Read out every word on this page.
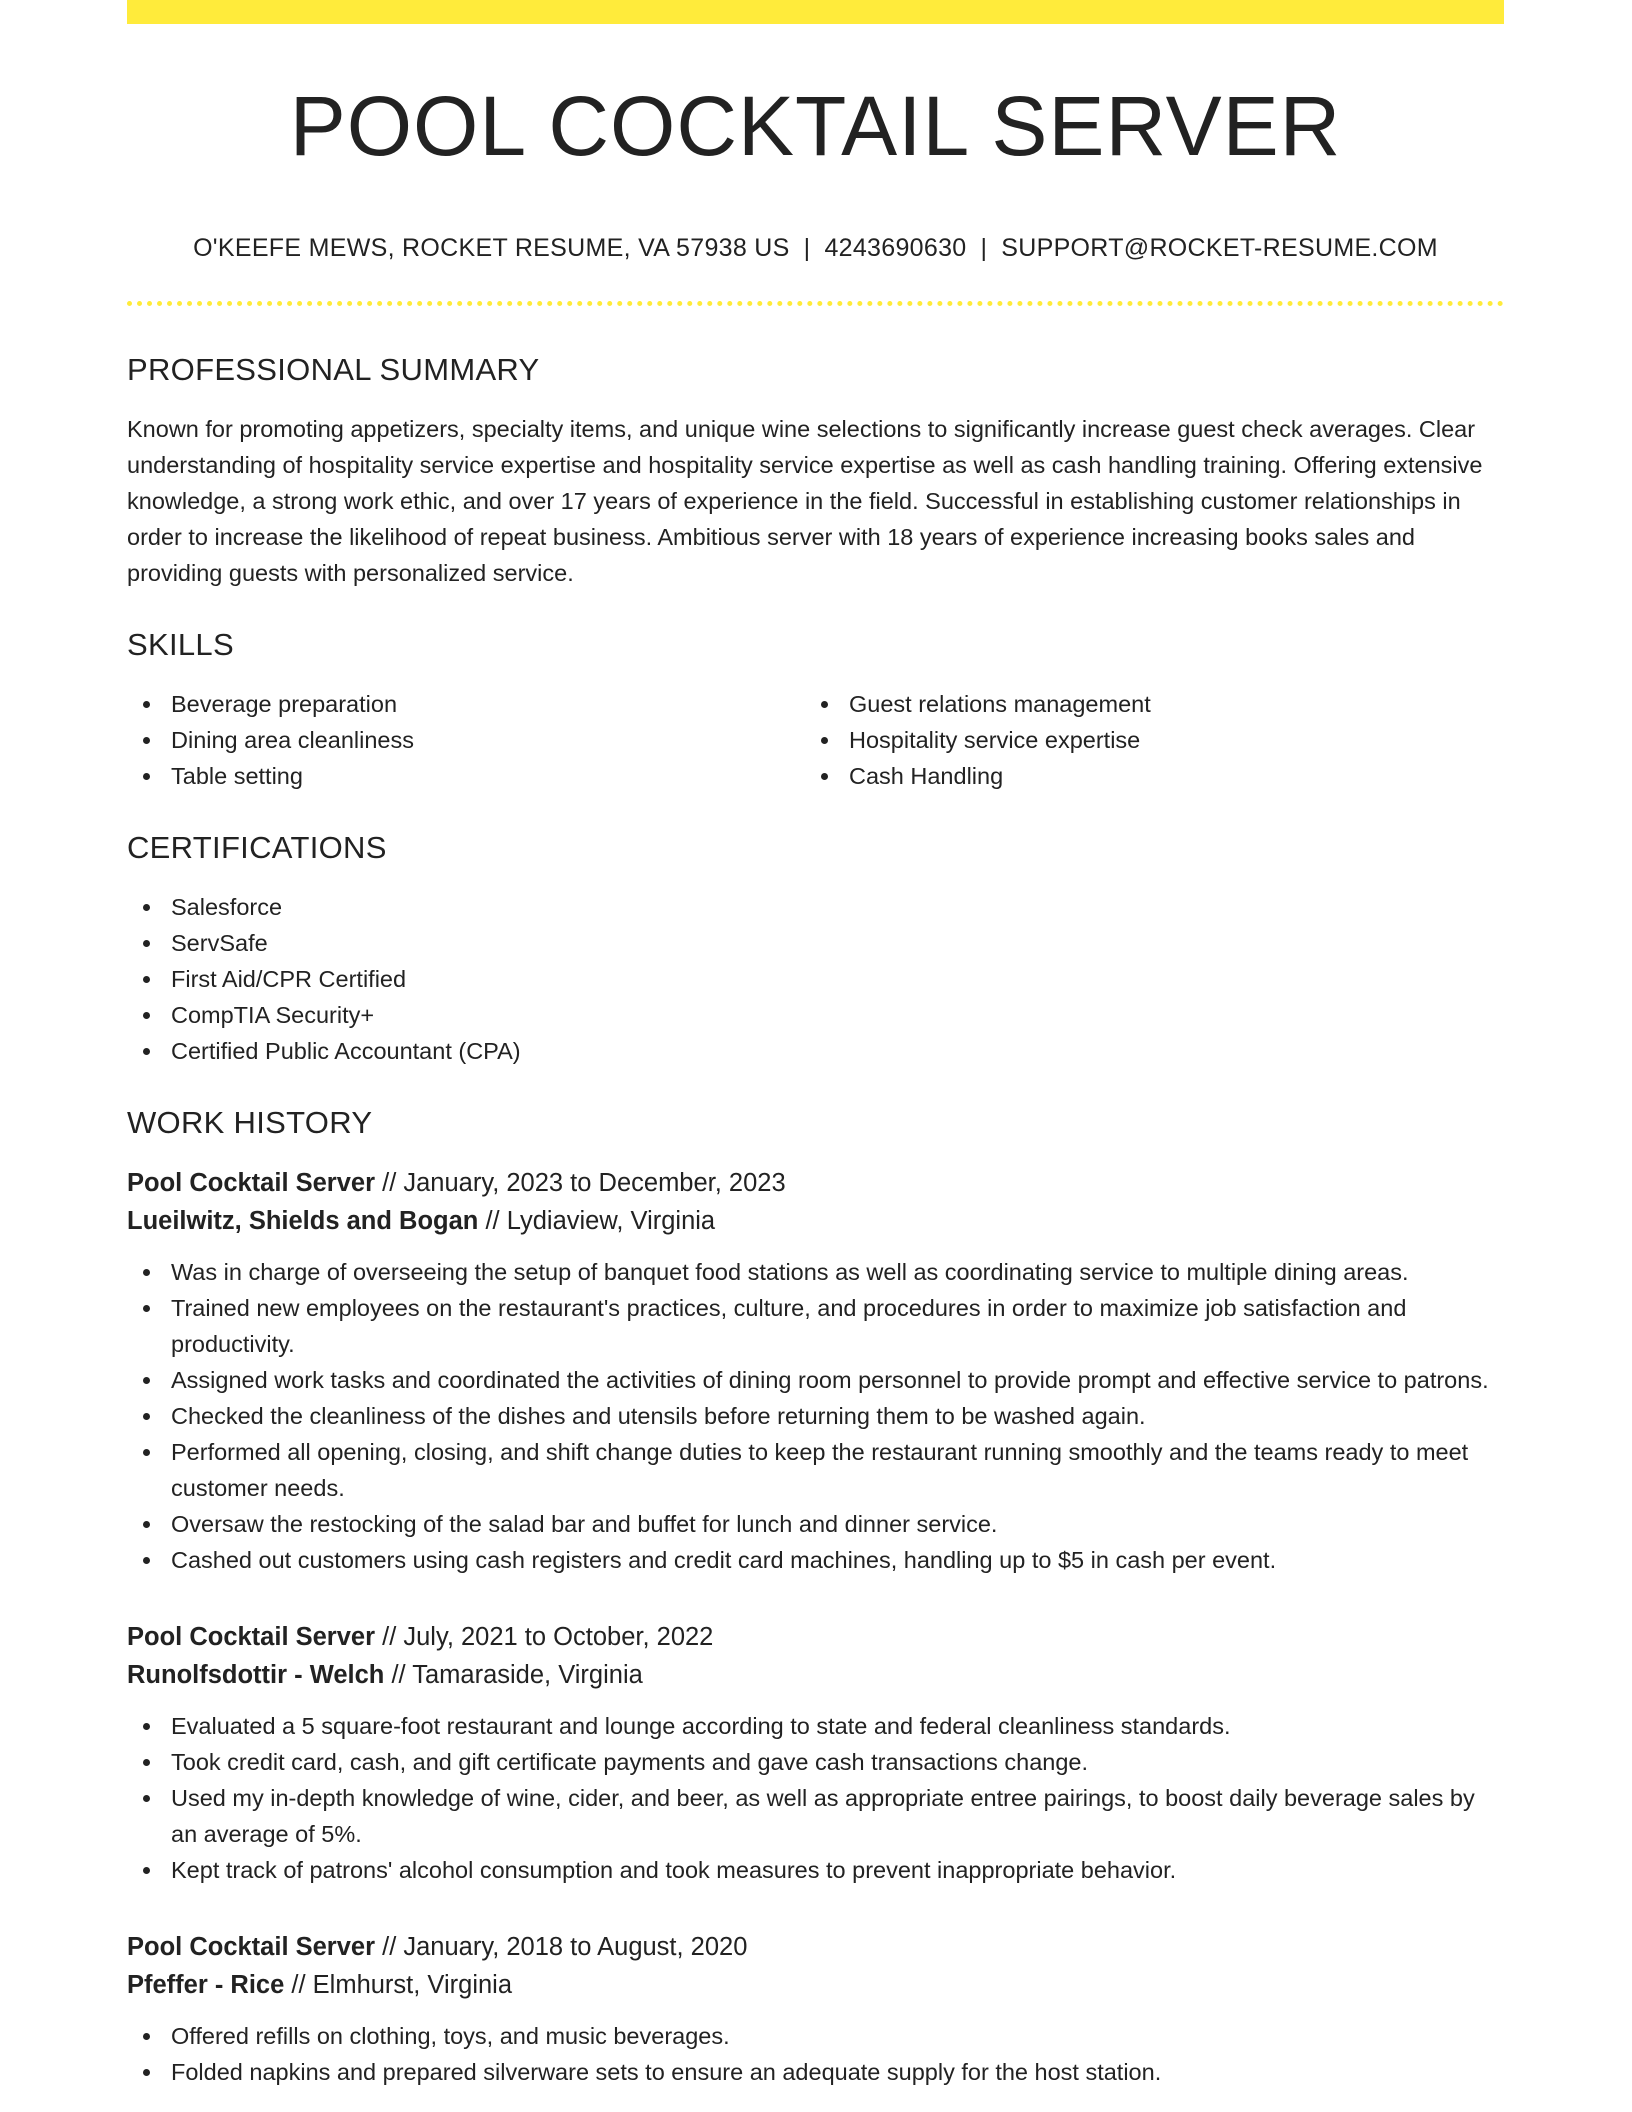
POOL COCKTAIL SERVER
O'KEEFE MEWS, ROCKET RESUME, VA 57938 US | 4243690630 | SUPPORT@ROCKET-RESUME.COM
PROFESSIONAL SUMMARY

Known for promoting appetizers, specialty items, and unique wine selections to significantly increase guest check averages. Clear understanding of hospitality service expertise and hospitality service expertise as well as cash handling training. Offering extensive knowledge, a strong work ethic, and over 17 years of experience in the field. Successful in establishing customer relationships in order to increase the likelihood of repeat business. Ambitious server with 18 years of experience increasing books sales and providing guests with personalized service.

SKILLS
Beverage preparation
Dining area cleanliness
Table setting
Guest relations management
Hospitality service expertise
Cash Handling
CERTIFICATIONS
Salesforce
ServSafe
First Aid/CPR Certified
CompTIA Security+
Certified Public Accountant (CPA)
WORK HISTORY
Pool Cocktail Server // January, 2023 to December, 2023
Lueilwitz, Shields and Bogan // Lydiaview, Virginia
Was in charge of overseeing the setup of banquet food stations as well as coordinating service to multiple dining areas.
Trained new employees on the restaurant's practices, culture, and procedures in order to maximize job satisfaction and productivity.
Assigned work tasks and coordinated the activities of dining room personnel to provide prompt and effective service to patrons.
Checked the cleanliness of the dishes and utensils before returning them to be washed again.
Performed all opening, closing, and shift change duties to keep the restaurant running smoothly and the teams ready to meet customer needs.
Oversaw the restocking of the salad bar and buffet for lunch and dinner service.
Cashed out customers using cash registers and credit card machines, handling up to $5 in cash per event.
Pool Cocktail Server // July, 2021 to October, 2022
Runolfsdottir - Welch // Tamaraside, Virginia
Evaluated a 5 square-foot restaurant and lounge according to state and federal cleanliness standards.
Took credit card, cash, and gift certificate payments and gave cash transactions change.
Used my in-depth knowledge of wine, cider, and beer, as well as appropriate entree pairings, to boost daily beverage sales by an average of 5%.
Kept track of patrons' alcohol consumption and took measures to prevent inappropriate behavior.
Pool Cocktail Server // January, 2018 to August, 2020
Pfeffer - Rice // Elmhurst, Virginia
Offered refills on clothing, toys, and music beverages.
Folded napkins and prepared silverware sets to ensure an adequate supply for the host station.
